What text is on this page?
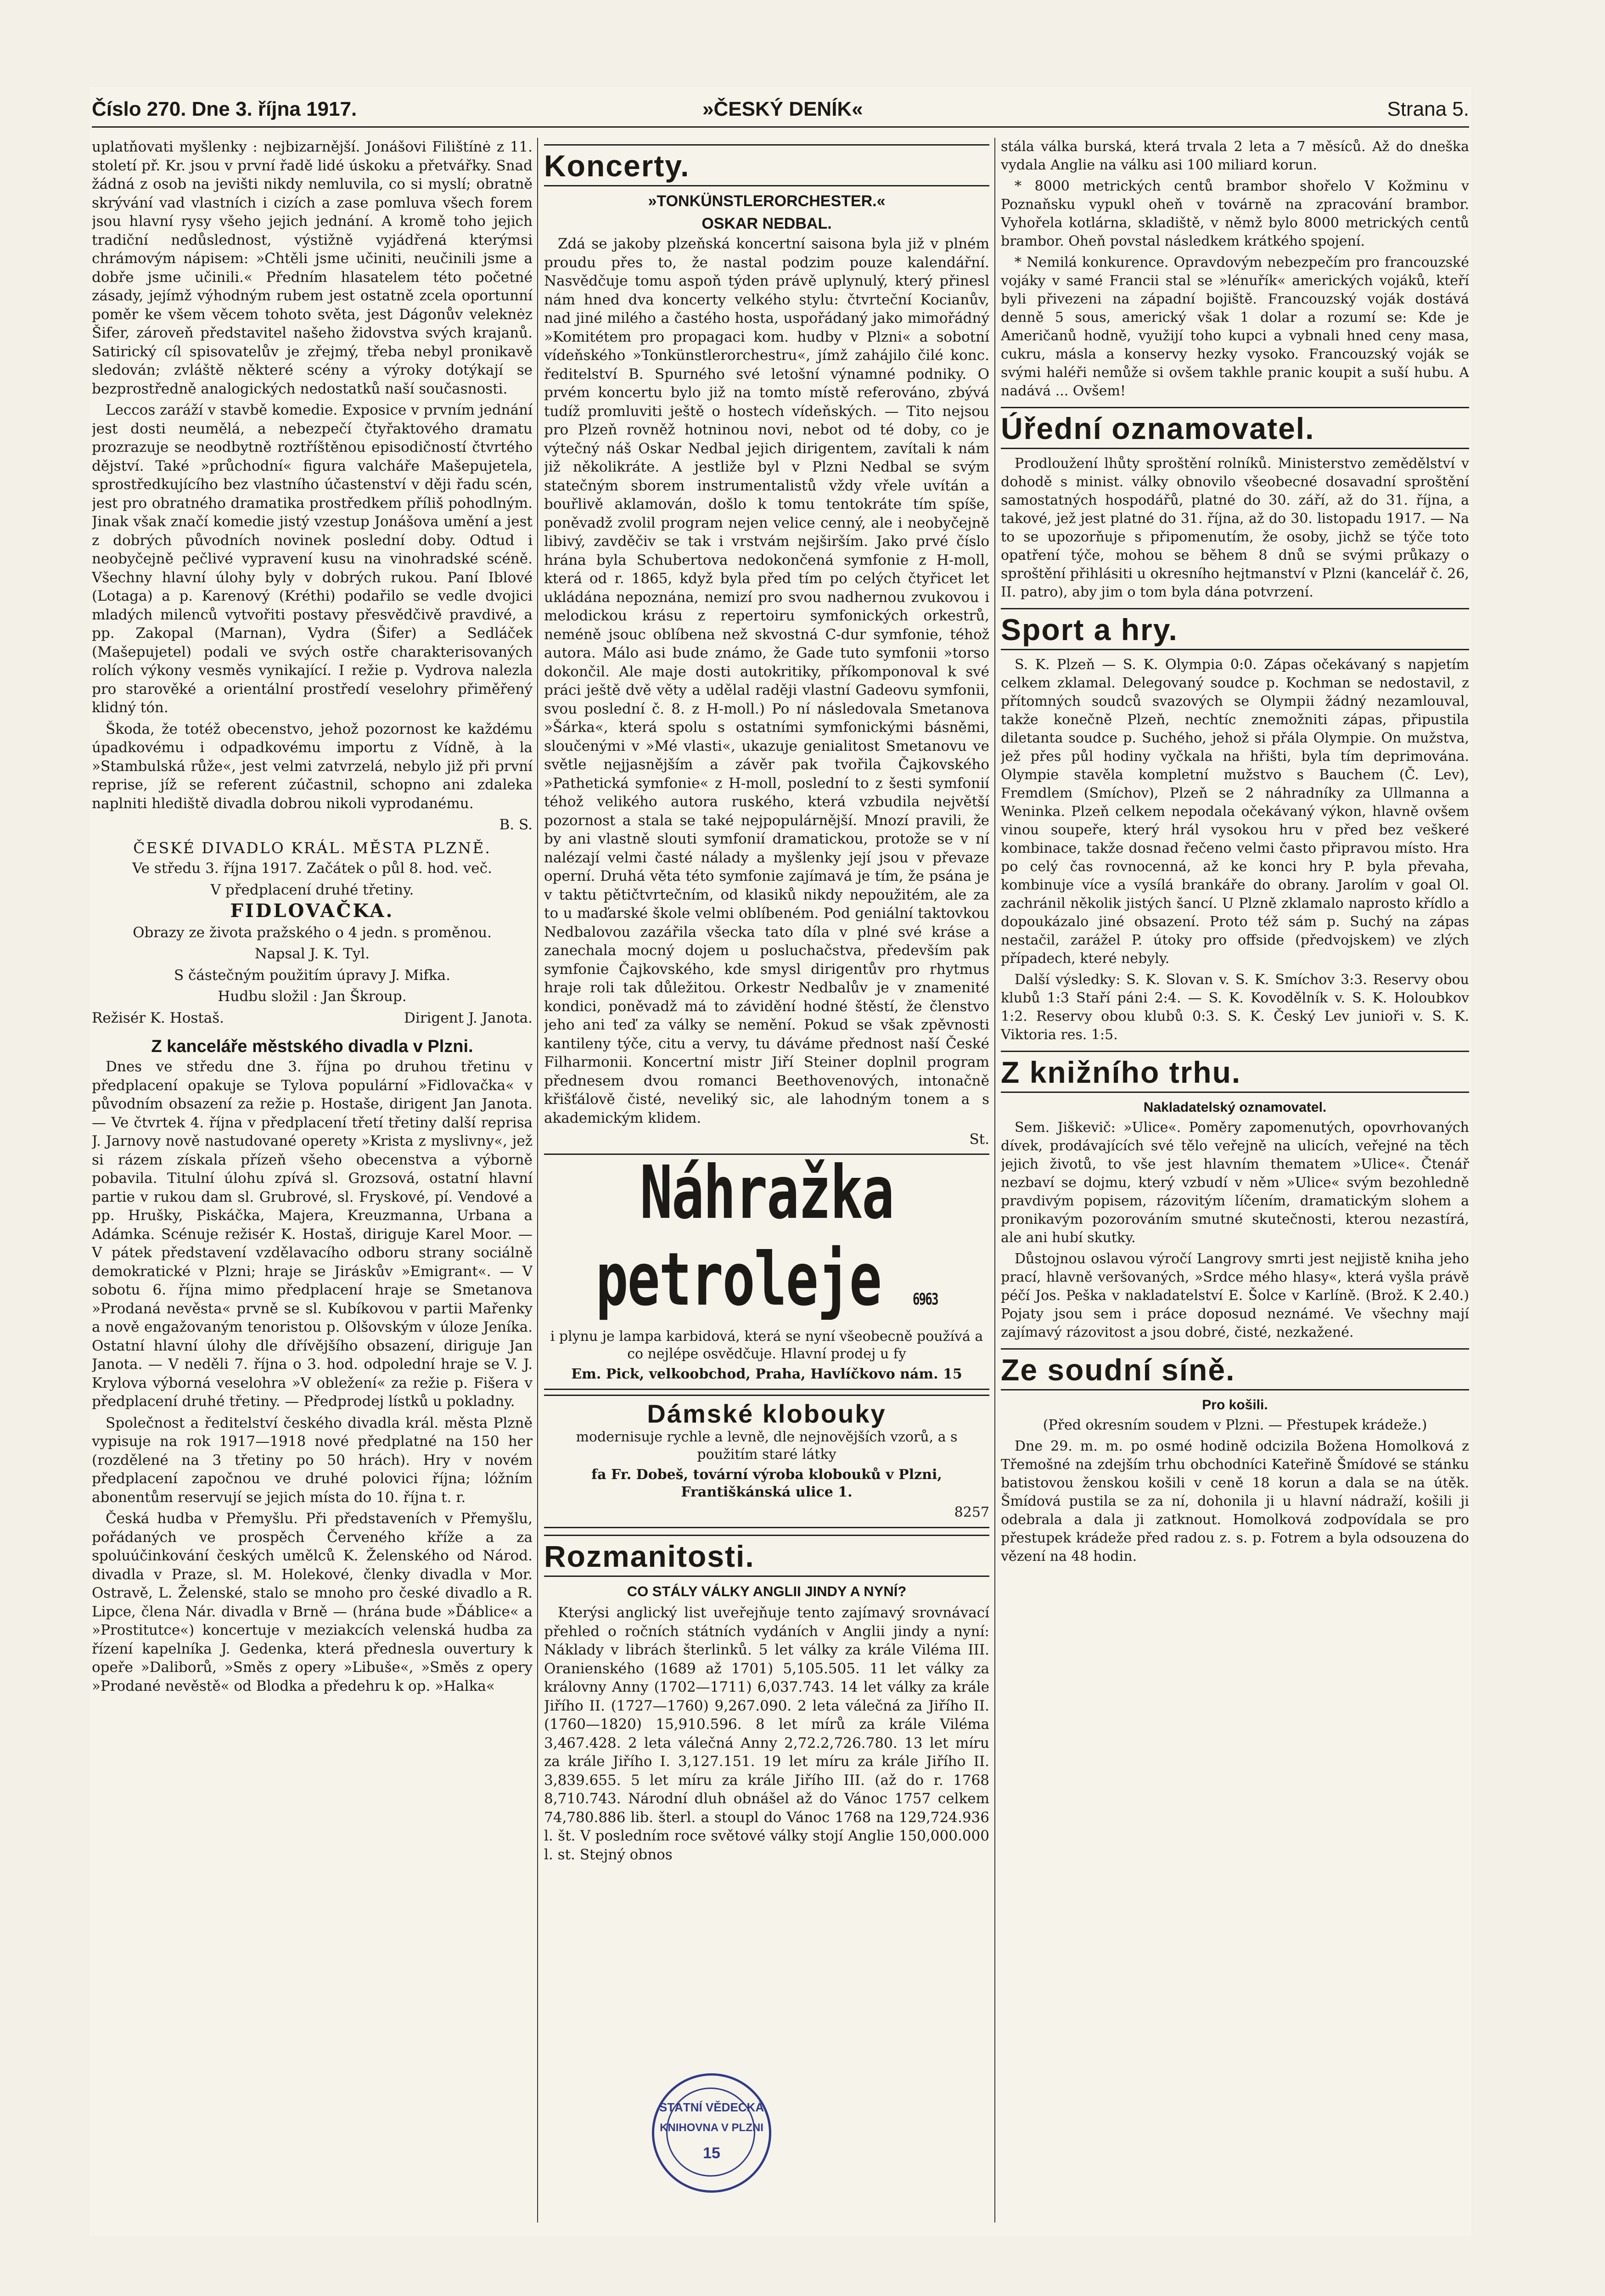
Číslo 270. Dne 3. října 1917.	»ČESKÝ DENÍK«	Strana 5.

uplatňovati myšlenky : nejbizarnější. Jonášovi Filištínė z 11. století př. Kr. jsou v první řadě lidé úskoku a přetvářky. Snad žádná z osob na jevišti nikdy nemluvila, co si myslí; obratně skrývání vad vlastních i cizích a zase pomluva všech forem jsou hlavní rysy všeho jejich jednání. A kromě toho jejich tradiční nedůslednost, výstižně vyjádřená kterýmsi chrámovým nápisem: »Chtěli jsme učiniti, neučinili jsme a dobře jsme učinili.« Předním hlasatelem této početné zásady, jejímž výhodným rubem jest ostatně zcela oportunní poměr ke všem věcem tohoto světa, jest Dágonův veleknėz Šifer, zároveň představitel našeho židovstva svých krajanů. Satirický cíl spisovatelův je zřejmý, třeba nebyl pronikavě sledován; zvláště některé scény a výroky dotýkají se bezprostředně analogických nedostatků naší současnosti.

Leccos zaráží v stavbě komedie. Exposice v prvním jednání jest dosti neumělá, a nebezpečí čtyřaktového dramatu prozrazuje se neodbytně roztříštěnou episodičností čtvrtého dějství. Také »průchodní« figura valcháře Mašepujetela, sprostředkujícího bez vlastního účastenství v ději řadu scén, jest pro obratného dramatika prostředkem příliš pohodlným. Jinak však značí komedie jistý vzestup Jonášova umění a jest z dobrých původních novinek poslední doby. Odtud i neobyčejně pečlivé vypravení kusu na vinohradské scéně. Všechny hlavní úlohy byly v dobrých rukou. Paní Iblové (Lotaga) a p. Karenový (Kréthi) podařilo se vedle dvojici mladých milenců vytvořiti postavy přesvědčivě pravdivé, a pp. Zakopal (Marnan), Vydra (Šifer) a Sedláček (Mašepujetel) podali ve svých ostře charakterisovaných rolích výkony vesměs vynikající. I režie p. Vydrova nalezla pro starověké a orientální prostředí veselohry přiměřený klidný tón.

Škoda, že totéž obecenstvo, jehož pozornost ke každému úpadkovému i odpadkovému importu z Vídně, à la »Stambulská růže«, jest velmi zatvrzelá, nebylo již při první reprise, jíž se referent zúčastnil, schopno ani zdaleka naplniti hlediště divadla dobrou nikoli vyprodanému.

B. S.

ČESKÉ DIVADLO KRÁL. MĚSTA PLZNĚ.

Ve středu 3. října 1917. Začátek o půl 8. hod. več.

V předplacení druhé třetiny.

FIDLOVAČKA.

Obrazy ze života pražského o 4 jedn. s proměnou.

Napsal J. K. Tyl.

S částečným použitím úpravy J. Mifka.

Hudbu složil : Jan Škroup.

Režisér K. Hostaš.	Dirigent J. Janota.

Z kanceláře městského divadla v Plzni.

Dnes ve středu dne 3. října po druhou třetinu v předplacení opakuje se Tylova populární »Fidlovačka« v původním obsazení za režie p. Hostaše, dirigent Jan Janota. — Ve čtvrtek 4. října v předplacení třetí třetiny další reprisa J. Jarnovy nově nastudované operety »Krista z myslivny«, jež si rázem získala přízeň všeho obecenstva a výborně pobavila. Titulní úlohu zpívá sl. Grozsová, ostatní hlavní partie v rukou dam sl. Grubrové, sl. Fryskové, pí. Vendové a pp. Hrušky, Piskáčka, Majera, Kreuzmanna, Urbana a Adámka. Scénuje režisér K. Hostaš, diriguje Karel Moor. — V pátek představení vzdělavacího odboru strany sociálně demokratické v Plzni; hraje se Jiráskův »Emigrant«. — V sobotu 6. října mimo předplacení hraje se Smetanova »Prodaná nevěsta« prvně se sl. Kubíkovou v partii Mařenky a nově engažovaným tenoristou p. Olšovským v úloze Jeníka. Ostatní hlavní úlohy dle dřívějšího obsazení, diriguje Jan Janota. — V neděli 7. října o 3. hod. odpolední hraje se V. J. Krylova výborná veselohra »V obležení« za režie p. Fišera v předplacení druhé třetiny. — Předprodej lístků u pokladny.

Společnost a ředitelství českého divadla král. města Plzně vypisuje na rok 1917—1918 nové předplatné na 150 her (rozdělené na 3 třetiny po 50 hrách). Hry v novém předplacení započnou ve druhé polovici října; lóžním abonentům reservují se jejich místa do 10. října t. r.

Česká hudba v Přemyšlu. Při představeních v Přemyšlu, pořádaných ve prospěch Červeného kříže a za spoluúčinkování českých umělců K. Želenského od Národ. divadla v Praze, sl. M. Holekové, členky divadla v Mor. Ostravě, L. Želenské, stalo se mnoho pro české divadlo a R. Lipce, člena Nár. divadla v Brně — (hrána bude »Ďáblice« a »Prostitutce«) koncertuje v meziakcích velenská hudba za řízení kapelníka J. Gedenka, která přednesla ouvertury k opeře »Daliborů, »Směs z opery »Libuše«, »Směs z opery »Prodané nevěstě« od Blodka a předehru k op. »Halka«

Koncerty.

»TONKÜNSTLERORCHESTER.«

OSKAR NEDBAL.

Zdá se jakoby plzeňská koncertní saisona byla již v plném proudu přes to, že nastal podzim pouze kalendářní. Nasvědčuje tomu aspoň týden právě uplynulý, který přinesl nám hned dva koncerty velkého stylu: čtvrteční Kocianův, nad jiné milého a častého hosta, uspořádaný jako mimořádný »Komitétem pro propagaci kom. hudby v Plzni« a sobotní vídeňského »Tonkünstlerorchestru«, jímž zahájilo čilé konc. ředitelství B. Spurného své letošní výnamné podniky. O prvém koncertu bylo již na tomto místě referováno, zbývá tudíž promluviti ještě o hostech vídeňských. — Tito nejsou pro Plzeň rovněž hotninou novi, nebot od té doby, co je výtečný náš Oskar Nedbal jejich dirigentem, zavítali k nám již několikráte. A jestliže byl v Plzni Nedbal se svým statečným sborem instrumentalistů vždy vřele uvítán a bouřlivě aklamován, došlo k tomu tentokráte tím spíše, poněvadž zvolil program nejen velice cenný, ale i neobyčejně libivý, zavděčiv se tak i vrstvám nejširším. Jako prvé číslo hrána byla Schubertova nedokončená symfonie z H-moll, která od r. 1865, když byla před tím po celých čtyřicet let ukládána nepoznána, nemizí pro svou nadhernou zvukovou i melodickou krásu z repertoiru symfonických orkestrů, neméně jsouc oblíbena než skvostná C-dur symfonie, téhož autora. Málo asi bude známo, že Gade tuto symfonii »torso dokončil. Ale maje dosti autokritiky, příkomponoval k své práci ještě dvě věty a udělal raději vlastní Gadeovu symfonii, svou poslední č. 8. z H-moll.) Po ní následovala Smetanova »Šárka«, která spolu s ostatními symfonickými básněmi, sloučenými v »Mé vlasti«, ukazuje genialitost Smetanovu ve světle nejjasnějším a závěr pak tvořila Čajkovského »Pathetická symfonie« z H-moll, poslední to z šesti symfonií téhož velikého autora ruského, která vzbudila největší pozornost a stala se také nejpopulárnější. Mnozí pravili, že by ani vlastně slouti symfonií dramatickou, protože se v ní nalézají velmi časté nálady a myšlenky její jsou v převaze operní. Druhá věta této symfonie zajímavá je tím, že psána je v taktu pětičtvrtečním, od klasiků nikdy nepoužitém, ale za to u maďarské škole velmi oblíbeném. Pod geniální taktovkou Nedbalovou zazářila všecka tato díla v plné své kráse a zanechala mocný dojem u posluchačstva, především pak symfonie Čajkovského, kde smysl dirigentův pro rhytmus hraje roli tak důležitou. Orkestr Nedbalův je v znamenité kondici, poněvadž má to závidění hodné štěstí, že členstvo jeho ani teď za války se nemění. Pokud se však zpěvnosti kantileny týče, citu a vervy, tu dáváme přednost naší České Filharmonii. Koncertní mistr Jiří Steiner doplnil program přednesem dvou romanci Beethovenových, intonačně křišťálově čisté, neveliký sic, ale lahodným tonem a s akademickým klidem.

St.

Náhražka petroleje	6963

i plynu je lampa karbidová, která se nyní všeobecně používá a co nejlépe osvědčuje. Hlavní prodej u fy

Em. Pick, velkoobchod, Praha, Havlíčkovo nám. 15

Dámské klobouky

modernisuje rychle a levně, dle nejnovějších vzorů, a s použitím staré látky

fa Fr. Dobeš, tovární výroba klobouků v Plzni, Františkánská ulice 1.

8257

Rozmanitosti.

CO STÁLY VÁLKY ANGLII JINDY A NYNÍ?

Kterýsi anglický list uveřejňuje tento zajímavý srovnávací přehled o ročních státních vydáních v Anglii jindy a nyní: Náklady v librách šterlinků. 5 let války za krále Viléma III. Oranienského (1689 až 1701) 5,105.505. 11 let války za královny Anny (1702—1711) 6,037.743. 14 let války za krále Jiřího II. (1727—1760) 9,267.090. 2 leta válečná za Jiřího II. (1760—1820) 15,910.596. 8 let mírů za krále Viléma 3,467.428. 2 leta válečná Anny 2,72.2,726.780. 13 let míru za krále Jiřího I. 3,127.151. 19 let míru za krále Jiřího II. 3,839.655. 5 let míru za krále Jiřího III. (až do r. 1768 8,710.743. Národní dluh obnášel až do Vánoc 1757 celkem 74,780.886 lib. šterl. a stoupl do Vánoc 1768 na 129,724.936 l. št. V posledním roce světové války stojí Anglie 150,000.000 l. st. Stejný obnos

stála válka burská, která trvala 2 leta a 7 měsíců. Až do dneška vydala Anglie na válku asi 100 miliard korun.

* 8000 metrických centů brambor shořelo V Kožminu v Poznaňsku vypukl oheň v továrně na zpracování brambor. Vyhořela kotlárna, skladiště, v němž bylo 8000 metrických centů brambor. Oheň povstal následkem krátkého spojení.

* Nemilá konkurence. Opravdovým nebezpečím pro francouzské vojáky v samé Francii stal se »lénuřík« amerických vojáků, kteří byli přivezeni na západní bojiště. Francouzský voják dostává denně 5 sous, americký však 1 dolar a rozumí se: Kde je Američanů hodně, využijí toho kupci a vybnali hned ceny masa, cukru, másla a konservy hezky vysoko. Francouzský voják se svými haléři nemůže si ovšem takhle pranic koupit a suší hubu. A nadává ... Ovšem!

Úřední oznamovatel.

Prodloužení lhůty sproštění rolníků. Ministerstvo zemědělství v dohodě s minist. války obnovilo všeobecné dosavadní sproštění samostatných hospodářů, platné do 30. září, až do 31. října, a takové, jež jest platné do 31. října, až do 30. listopadu 1917. — Na to se upozorňuje s připomenutím, že osoby, jichž se týče toto opatření týče, mohou se během 8 dnů se svými průkazy o sproštění přihlásiti u okresního hejtmanství v Plzni (kancelář č. 26, II. patro), aby jim o tom byla dána potvrzení.

Sport a hry.

S. K. Plzeň — S. K. Olympia 0:0. Zápas očekávaný s napjetím celkem zklamal. Delegovaný soudce p. Kochman se nedostavil, z přítomných soudců svazových se Olympii žádný nezamlouval, takže konečně Plzeň, nechtíc znemožniti zápas, připustila diletanta soudce p. Suchého, jehož si přála Olympie. On mužstva, jež přes půl hodiny vyčkala na hřišti, byla tím deprimována. Olympie stavěla kompletní mužstvo s Bauchem (Č. Lev), Fremdlem (Smíchov), Plzeň se 2 náhradníky za Ullmanna a Weninka. Plzeň celkem nepodala očekávaný výkon, hlavně ovšem vinou soupeře, který hrál vysokou hru v před bez veškeré kombinace, takže dosnad řečeno velmi často připravou místo. Hra po celý čas rovnocenná, až ke konci hry P. byla převaha, kombinuje více a vysílá brankáře do obrany. Jarolím v goal Ol. zachránil několik jistých šancí. U Plzně zklamalo naprosto křídlo a dopoukázalo jiné obsazení. Proto též sám p. Suchý na zápas nestačil, zarážel P. útoky pro offside (předvojskem) ve zlých případech, které nebyly.

Další výsledky: S. K. Slovan v. S. K. Smíchov 3:3. Reservy obou klubů 1:3 Staří páni 2:4. — S. K. Kovodělník v. S. K. Holoubkov 1:2. Reservy obou klubů 0:3. S. K. Český Lev junioři v. S. K. Viktoria res. 1:5.

Z knižního trhu.

Nakladatelský oznamovatel.

Sem. Jiškevič: »Ulice«. Poměry zapomenutých, opovrhovaných dívek, prodávajících své tělo veřejně na ulicích, veřejné na těch jejich životů, to vše jest hlavním thematem »Ulice«. Čtenář nezbaví se dojmu, který vzbudí v něm »Ulice« svým bezohledně pravdivým popisem, rázovitým líčením, dramatickým slohem a pronikavým pozorováním smutné skutečnosti, kterou nezastírá, ale ani hubí skutky.

Důstojnou oslavou výročí Langrovy smrti jest nejjistě kniha jeho prací, hlavně veršovaných, »Srdce mého hlasy«, která vyšla právě péčí Jos. Peška v nakladatelství E. Šolce v Karlíně. (Brož. K 2.40.) Pojaty jsou sem i práce doposud neznámé. Ve všechny mají zajímavý rázovitost a jsou dobré, čisté, nezkažené.

Ze soudní síně.

Pro košili.

(Před okresním soudem v Plzni. — Přestupek krádeže.)

Dne 29. m. m. po osmé hodině odcizila Božena Homolková z Třemošné na zdejším trhu obchodníci Kateřině Šmídové se stánku batistovou ženskou košili v ceně 18 korun a dala se na útěk. Šmídová pustila se za ní, dohonila ji u hlavní nádraží, košili ji odebrala a dala ji zatknout. Homolková zodpovídala se pro přestupek krádeže před radou z. s. p. Fotrem a byla odsouzena do vězení na 48 hodin.

STÁTNÍ VĚDECKÁ
KNIHOVNA V PLZNI
15
